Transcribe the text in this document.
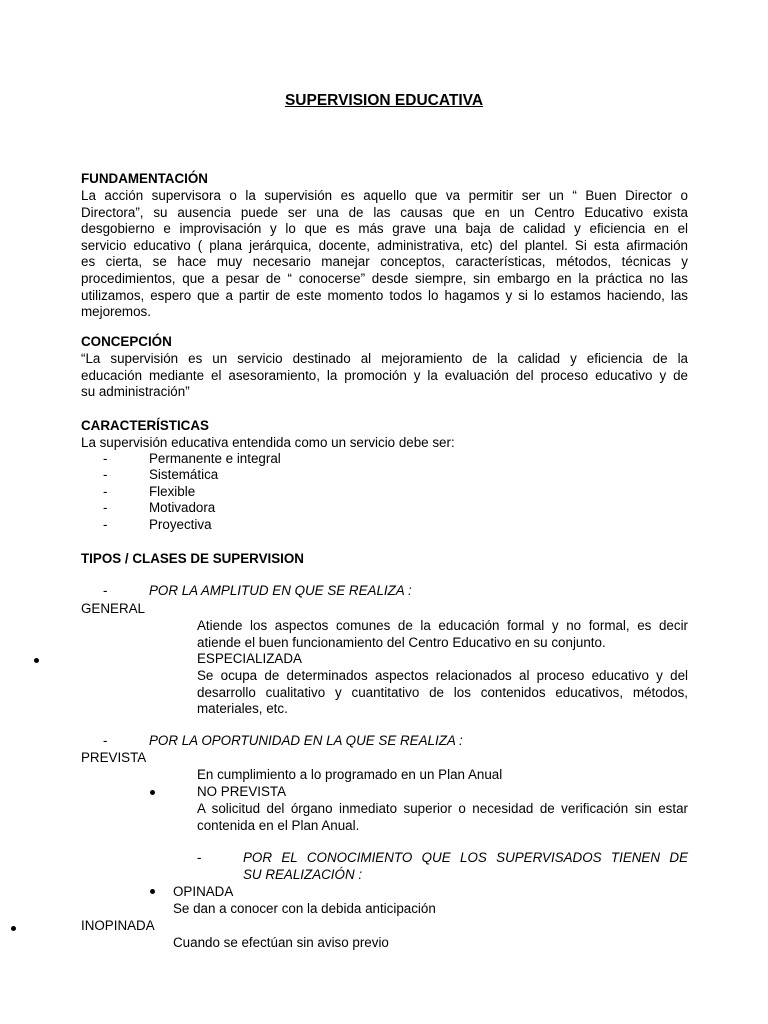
SUPERVISION EDUCATIVA
FUNDAMENTACIÓN
La acción supervisora o la supervisión es aquello que va permitir ser un “ Buen Director o
Directora”, su ausencia puede ser una de las causas que en un Centro Educativo exista
desgobierno e improvisación y lo que es más grave una baja de calidad y eficiencia en el
servicio educativo ( plana jerárquica, docente, administrativa, etc) del plantel. Si esta afirmación
es cierta, se hace muy necesario manejar conceptos, características, métodos, técnicas y
procedimientos, que a pesar de “ conocerse” desde siempre, sin embargo en la práctica no las
utilizamos, espero que a partir de este momento todos lo hagamos y si lo estamos haciendo, las
mejoremos.
CONCEPCIÓN
“La supervisión es un servicio destinado al mejoramiento de la calidad y eficiencia de la
educación mediante el asesoramiento, la promoción y la evaluación del proceso educativo y de
su administración”
CARACTERÍSTICAS
La supervisión educativa entendida como un servicio debe ser:
-	Permanente e integral
-	Sistemática
-	Flexible
-	Motivadora
-	Proyectiva
TIPOS / CLASES DE SUPERVISION
-	POR LA AMPLITUD EN QUE SE REALIZA :
GENERAL
Atiende los aspectos comunes de la educación formal y no formal, es decir
atiende el buen funcionamiento del Centro Educativo en su conjunto.
ESPECIALIZADA
Se ocupa de determinados aspectos relacionados al proceso educativo y del
desarrollo cualitativo y cuantitativo de los contenidos educativos, métodos,
materiales, etc.
-	POR LA OPORTUNIDAD EN LA QUE SE REALIZA :
PREVISTA
En cumplimiento a lo programado en un Plan Anual
NO PREVISTA
A solicitud del órgano inmediato superior o necesidad de verificación sin estar
contenida en el Plan Anual.
-	POR EL CONOCIMIENTO QUE LOS SUPERVISADOS TIENEN DE
SU REALIZACIÓN :
OPINADA
Se dan a conocer con la debida anticipación
INOPINADA
Cuando se efectúan sin aviso previo
